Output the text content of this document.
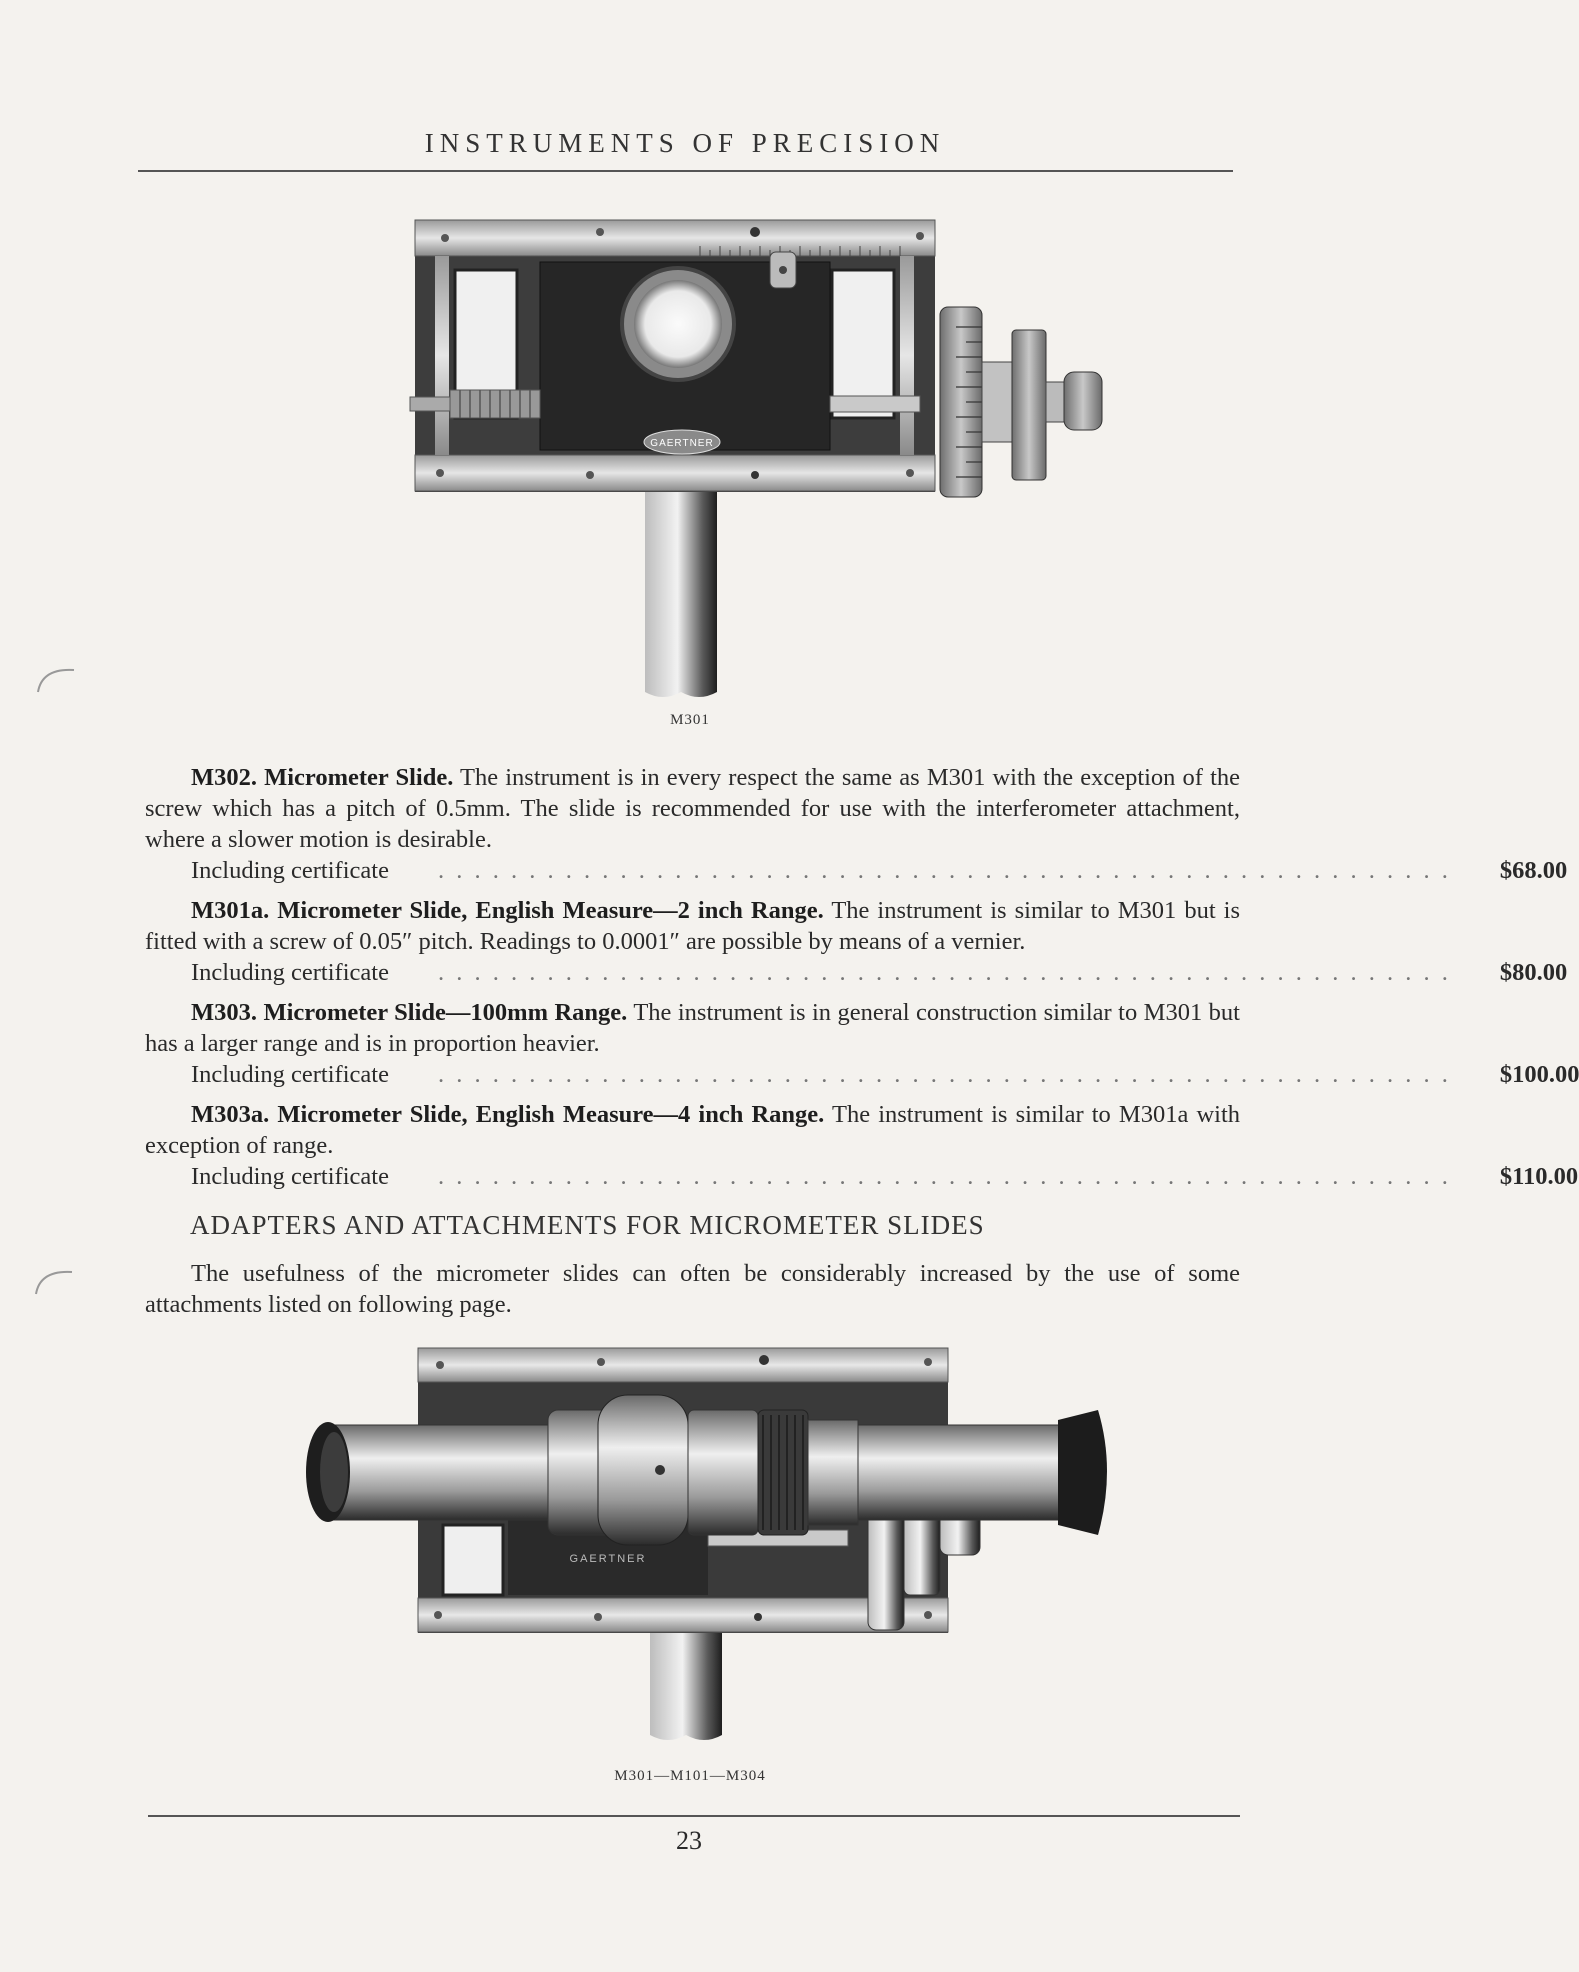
INSTRUMENTS OF PRECISION
GAERTNER
M301
M302. Micrometer Slide. The instrument is in every respect the same as M301 with the exception of the screw which has a pitch of 0.5mm. The slide is recommended for use with the interferometer attachment, where a slower motion is desirable.
Including certificate	. . . . . . . . . . . . . . . . . . . . . . . . . . . . . . . . . . . . . . . . . . . . . . . . . . . . . . . .	$68.00
M301a. Micrometer Slide, English Measure—2 inch Range. The instrument is similar to M301 but is fitted with a screw of 0.05″ pitch. Readings to 0.0001″ are possible by means of a vernier.
Including certificate	. . . . . . . . . . . . . . . . . . . . . . . . . . . . . . . . . . . . . . . . . . . . . . . . . . . . . . . .	$80.00
M303. Micrometer Slide—100mm Range. The instrument is in general construction similar to M301 but has a larger range and is in proportion heavier.
Including certificate	. . . . . . . . . . . . . . . . . . . . . . . . . . . . . . . . . . . . . . . . . . . . . . . . . . . . . . . .	$100.00
M303a. Micrometer Slide, English Measure—4 inch Range. The instrument is similar to M301a with exception of range.
Including certificate	. . . . . . . . . . . . . . . . . . . . . . . . . . . . . . . . . . . . . . . . . . . . . . . . . . . . . . . .	$110.00
ADAPTERS AND ATTACHMENTS FOR MICROMETER SLIDES
The usefulness of the micrometer slides can often be considerably increased by the use of some attachments listed on following page.
GAERTNER
M301—M101—M304
23
